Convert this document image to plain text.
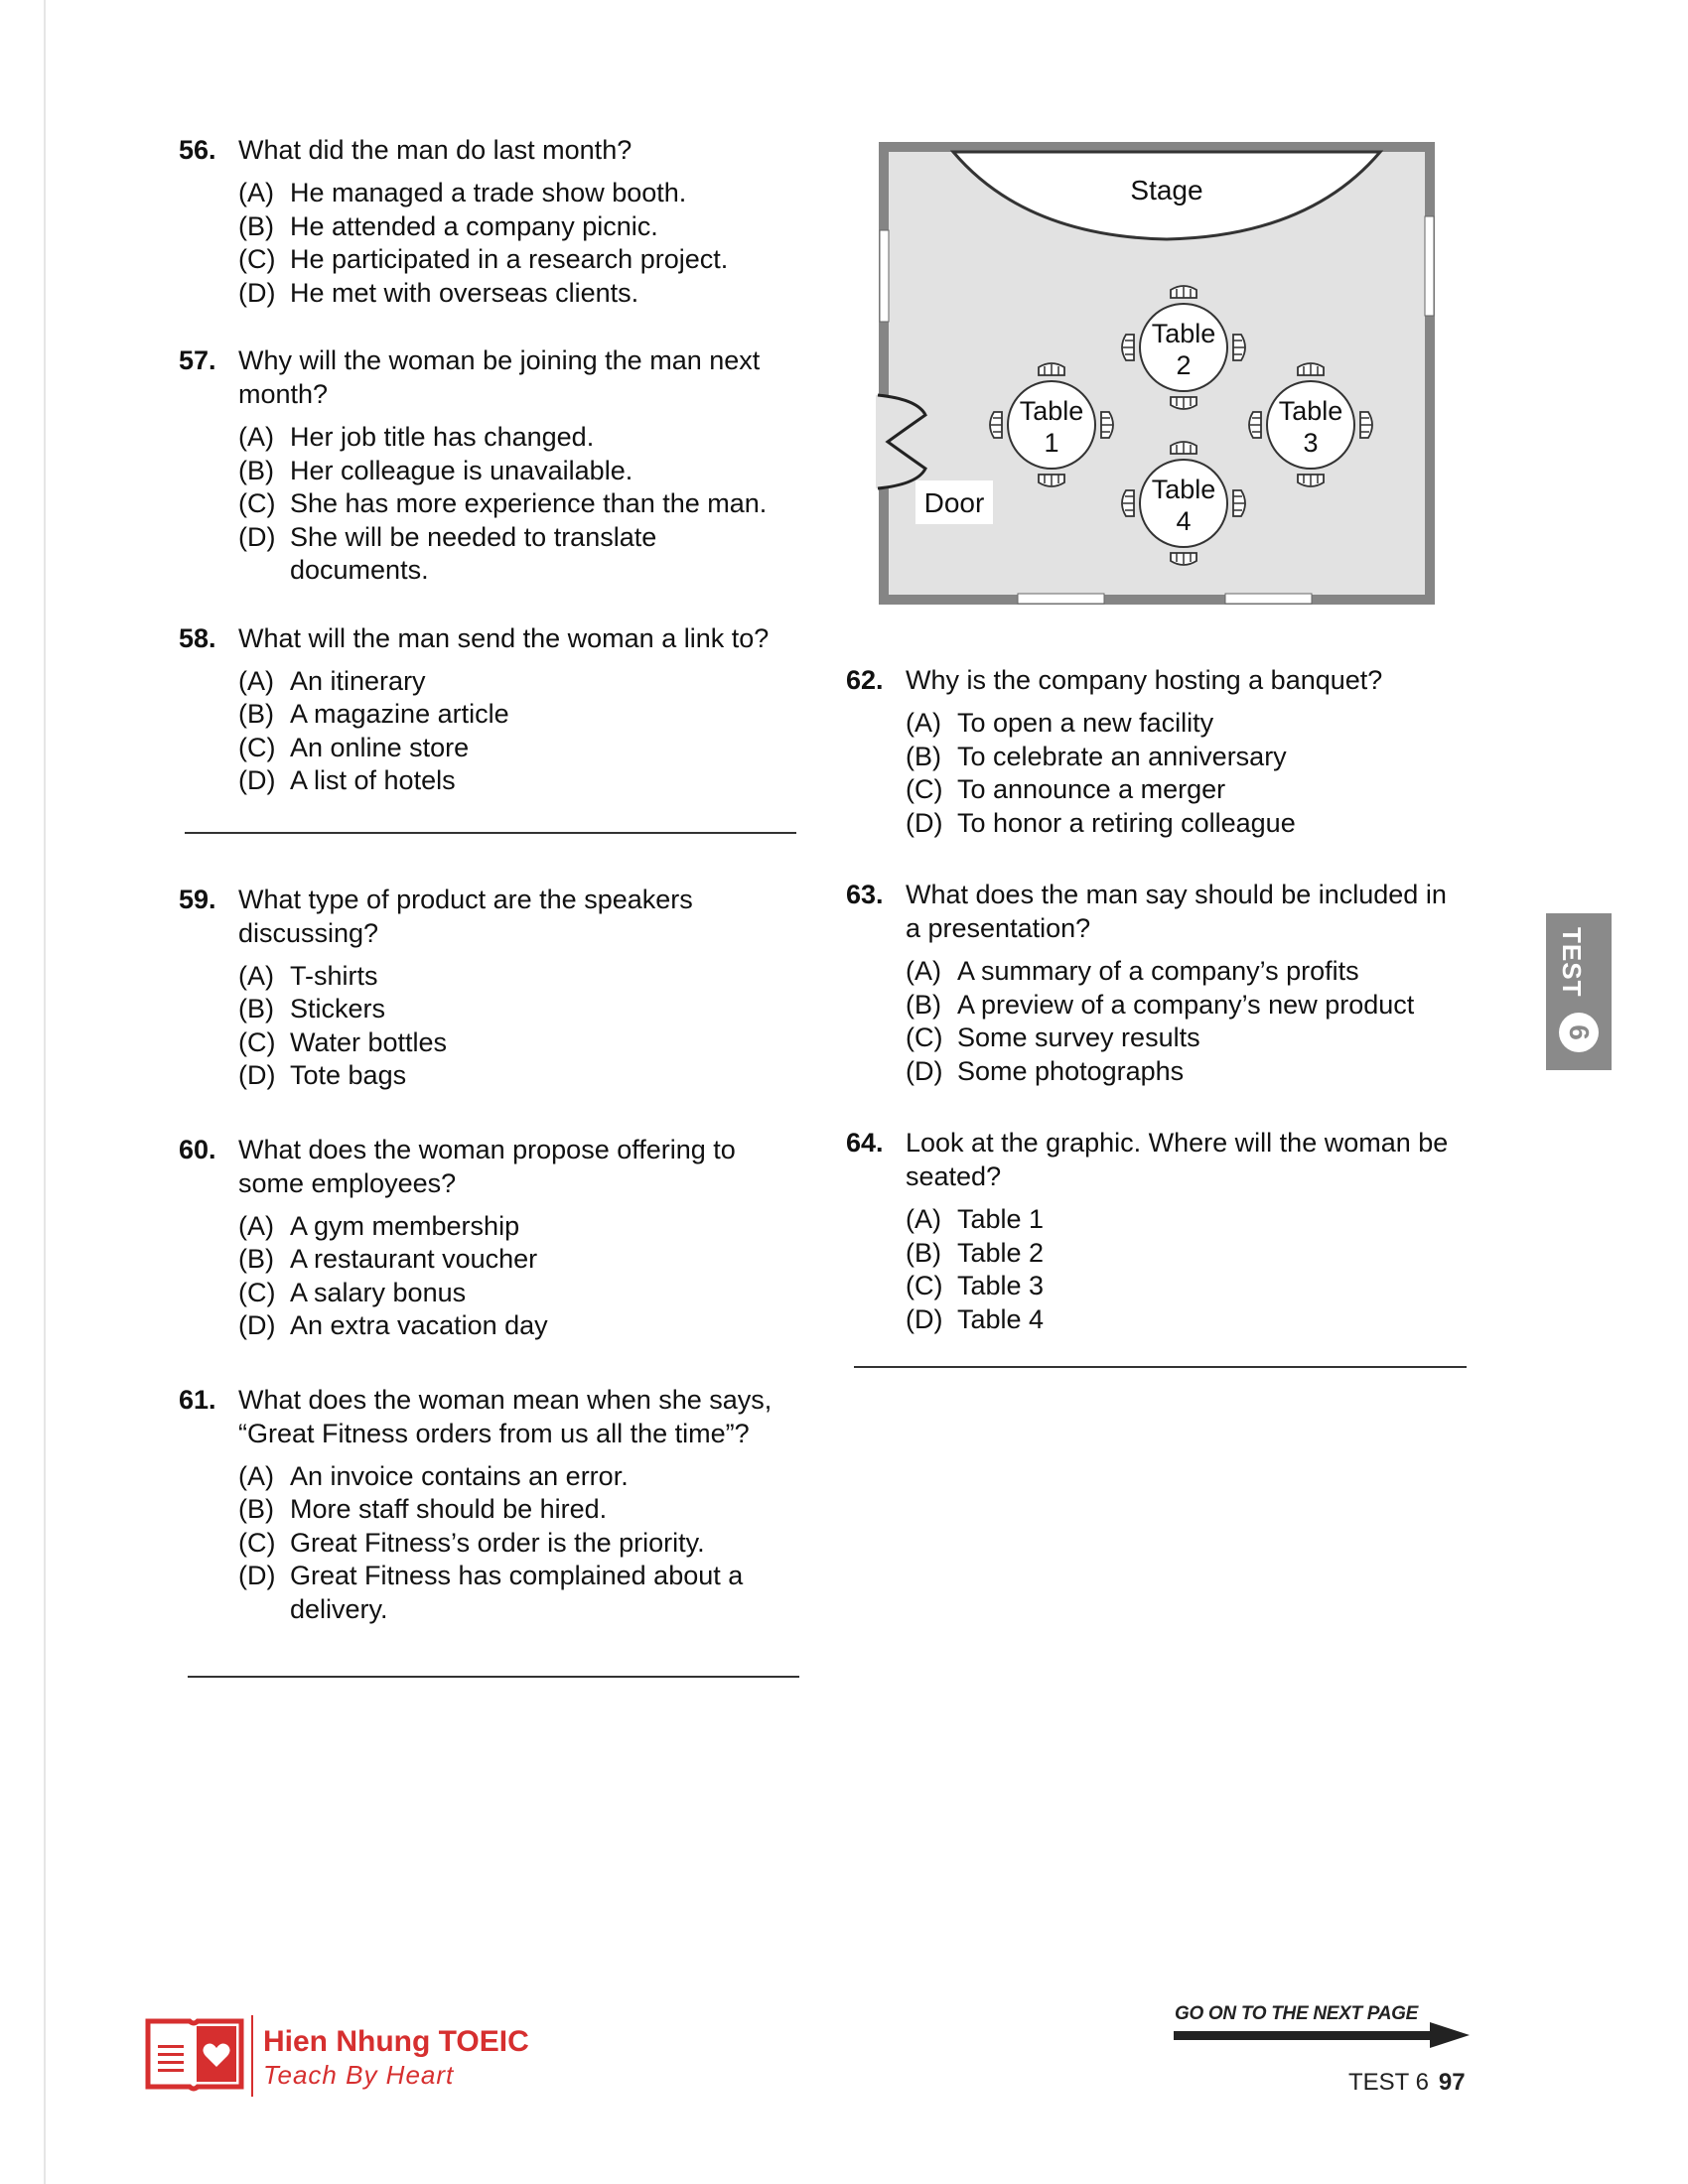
56. What did the man do last month?
(A) He managed a trade show booth.
(B) He attended a company picnic.
(C) He participated in a research project.
(D) He met with overseas clients.
57. Why will the woman be joining the man next month?
(A) Her job title has changed.
(B) Her colleague is unavailable.
(C) She has more experience than the man.
(D) She will be needed to translate documents.
58. What will the man send the woman a link to?
(A) An itinerary
(B) A magazine article
(C) An online store
(D) A list of hotels
59. What type of product are the speakers discussing?
(A) T-shirts
(B) Stickers
(C) Water bottles
(D) Tote bags
60. What does the woman propose offering to some employees?
(A) A gym membership
(B) A restaurant voucher
(C) A salary bonus
(D) An extra vacation day
61. What does the woman mean when she says, “Great Fitness orders from us all the time”?
(A) An invoice contains an error.
(B) More staff should be hired.
(C) Great Fitness’s order is the priority.
(D) Great Fitness has complained about a delivery.
62. Why is the company hosting a banquet?
(A) To open a new facility
(B) To celebrate an anniversary
(C) To announce a merger
(D) To honor a retiring colleague
63. What does the man say should be included in a presentation?
(A) A summary of a company’s profits
(B) A preview of a company’s new product
(C) Some survey results
(D) Some photographs
64. Look at the graphic. Where will the woman be seated?
(A) Table 1
(B) Table 2
(C) Table 3
(D) Table 4
Stage
Door
Table
1
Table
2
Table
3
Table
4
TEST
6
Hien Nhung TOEIC
Teach By Heart
GO ON TO THE NEXT PAGE
TEST 6 97
